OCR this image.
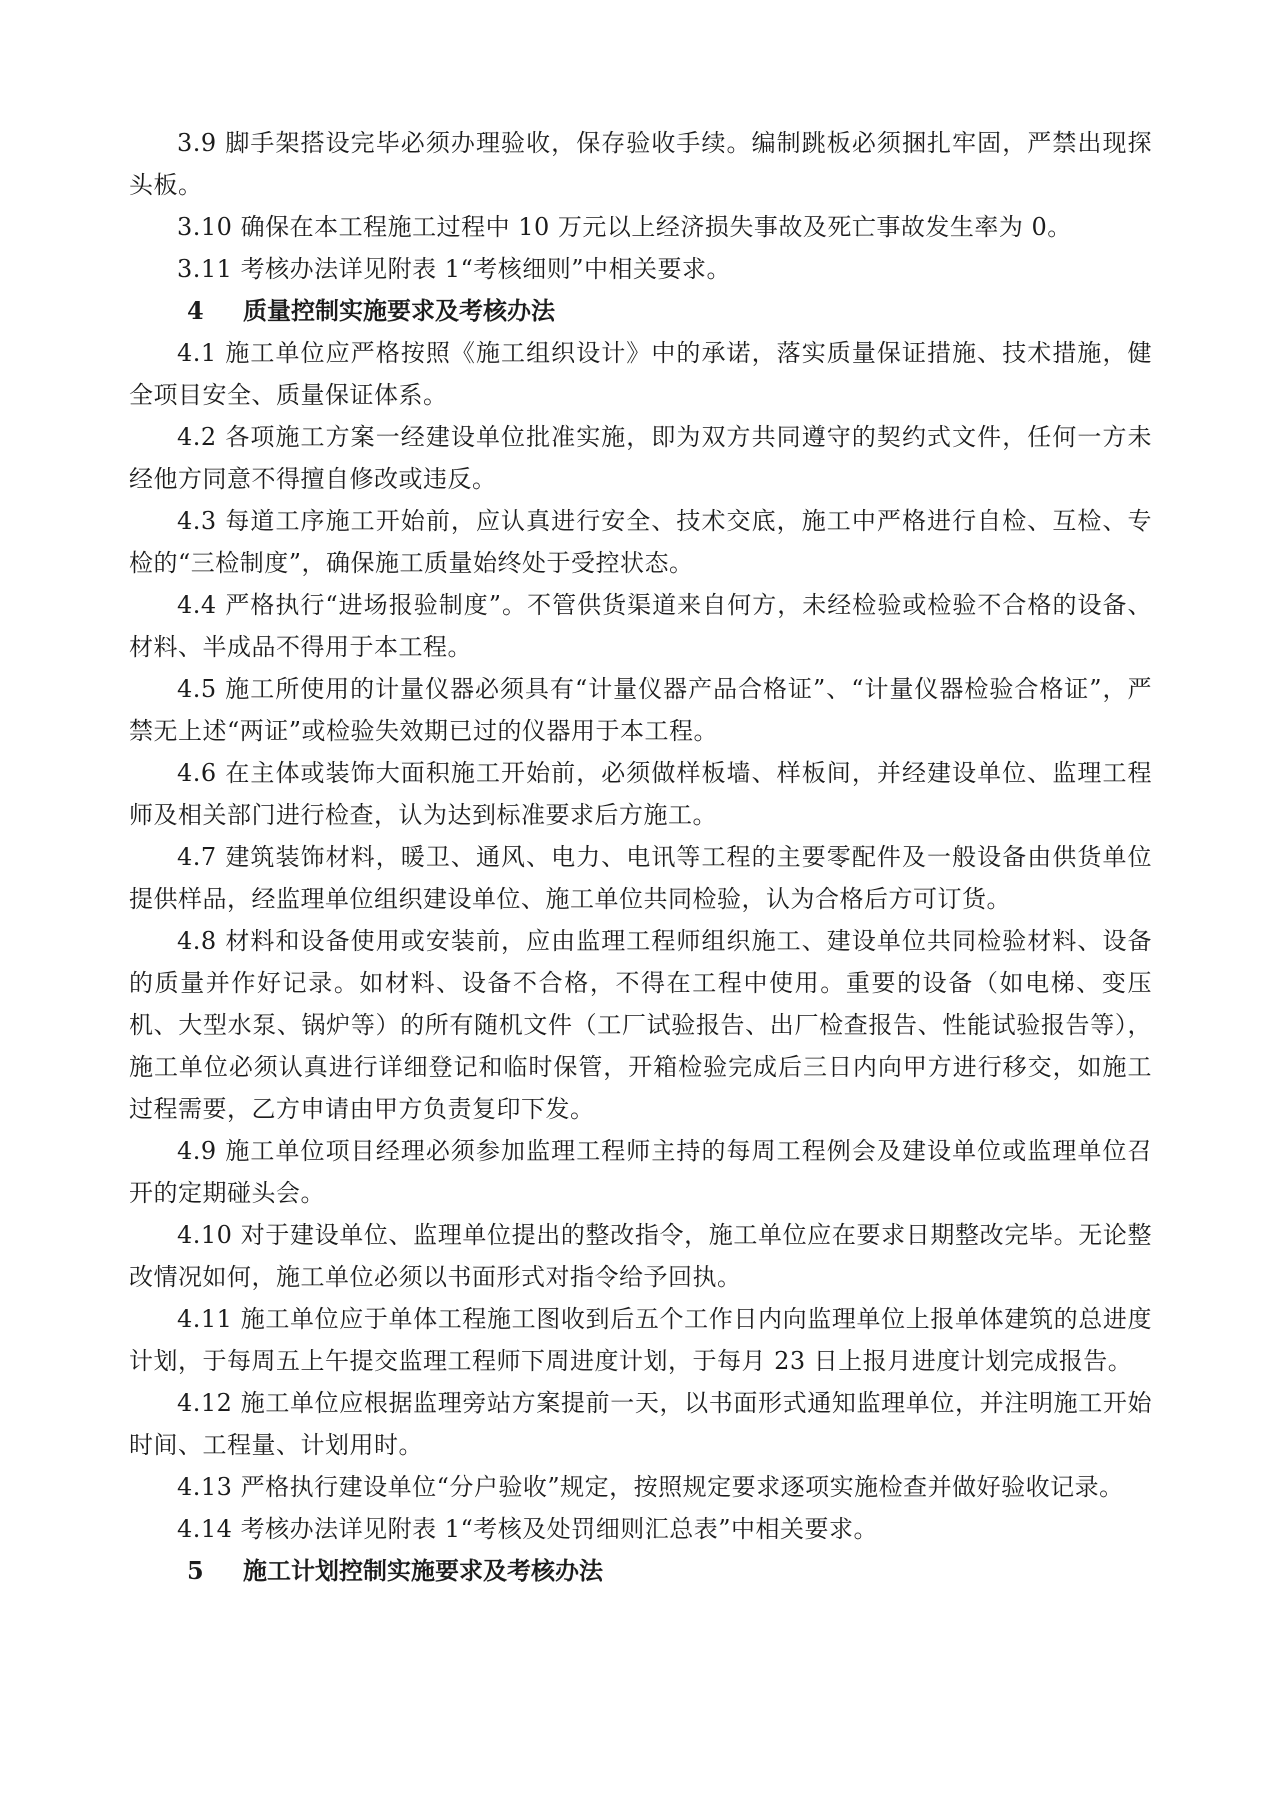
3.9 脚手架搭设完毕必须办理验收，保存验收手续。编制跳板必须捆扎牢固，严禁出现探头板。

3.10 确保在本工程施工过程中 10 万元以上经济损失事故及死亡事故发生率为 0。

3.11 考核办法详见附表 1“考核细则”中相关要求。

4 质量控制实施要求及考核办法

4.1 施工单位应严格按照《施工组织设计》中的承诺，落实质量保证措施、技术措施，健全项目安全、质量保证体系。

4.2 各项施工方案一经建设单位批准实施，即为双方共同遵守的契约式文件，任何一方未经他方同意不得擅自修改或违反。

4.3 每道工序施工开始前，应认真进行安全、技术交底，施工中严格进行自检、互检、专检的“三检制度”，确保施工质量始终处于受控状态。

4.4 严格执行“进场报验制度”。不管供货渠道来自何方，未经检验或检验不合格的设备、材料、半成品不得用于本工程。

4.5 施工所使用的计量仪器必须具有“计量仪器产品合格证”、“计量仪器检验合格证”，严禁无上述“两证”或检验失效期已过的仪器用于本工程。

4.6 在主体或装饰大面积施工开始前，必须做样板墙、样板间，并经建设单位、监理工程师及相关部门进行检查，认为达到标准要求后方施工。

4.7 建筑装饰材料，暖卫、通风、电力、电讯等工程的主要零配件及一般设备由供货单位提供样品，经监理单位组织建设单位、施工单位共同检验，认为合格后方可订货。

4.8 材料和设备使用或安装前，应由监理工程师组织施工、建设单位共同检验材料、设备的质量并作好记录。如材料、设备不合格，不得在工程中使用。重要的设备（如电梯、变压机、大型水泵、锅炉等）的所有随机文件（工厂试验报告、出厂检查报告、性能试验报告等），施工单位必须认真进行详细登记和临时保管，开箱检验完成后三日内向甲方进行移交，如施工过程需要，乙方申请由甲方负责复印下发。

4.9 施工单位项目经理必须参加监理工程师主持的每周工程例会及建设单位或监理单位召开的定期碰头会。

4.10 对于建设单位、监理单位提出的整改指令，施工单位应在要求日期整改完毕。无论整改情况如何，施工单位必须以书面形式对指令给予回执。

4.11 施工单位应于单体工程施工图收到后五个工作日内向监理单位上报单体建筑的总进度计划，于每周五上午提交监理工程师下周进度计划，于每月 23 日上报月进度计划完成报告。

4.12 施工单位应根据监理旁站方案提前一天，以书面形式通知监理单位，并注明施工开始时间、工程量、计划用时。

4.13 严格执行建设单位“分户验收”规定，按照规定要求逐项实施检查并做好验收记录。

4.14 考核办法详见附表 1“考核及处罚细则汇总表”中相关要求。

5 施工计划控制实施要求及考核办法
